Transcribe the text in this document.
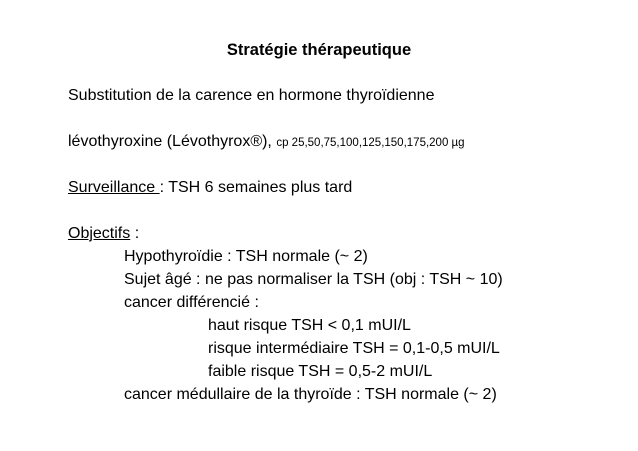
Stratégie thérapeutique
Substitution de la carence en hormone thyroïdienne
lévothyroxine (Lévothyrox®), cp 25,50,75,100,125,150,175,200 µg
Surveillance : TSH 6 semaines plus tard
Objectifs :
Hypothyroïdie : TSH normale (~ 2)
Sujet âgé : ne pas normaliser la TSH (obj : TSH ~ 10)
cancer différencié :
haut risque TSH < 0,1 mUI/L
risque intermédiaire TSH = 0,1-0,5 mUI/L
faible risque TSH = 0,5-2 mUI/L
cancer médullaire de la thyroïde : TSH normale (~ 2)
